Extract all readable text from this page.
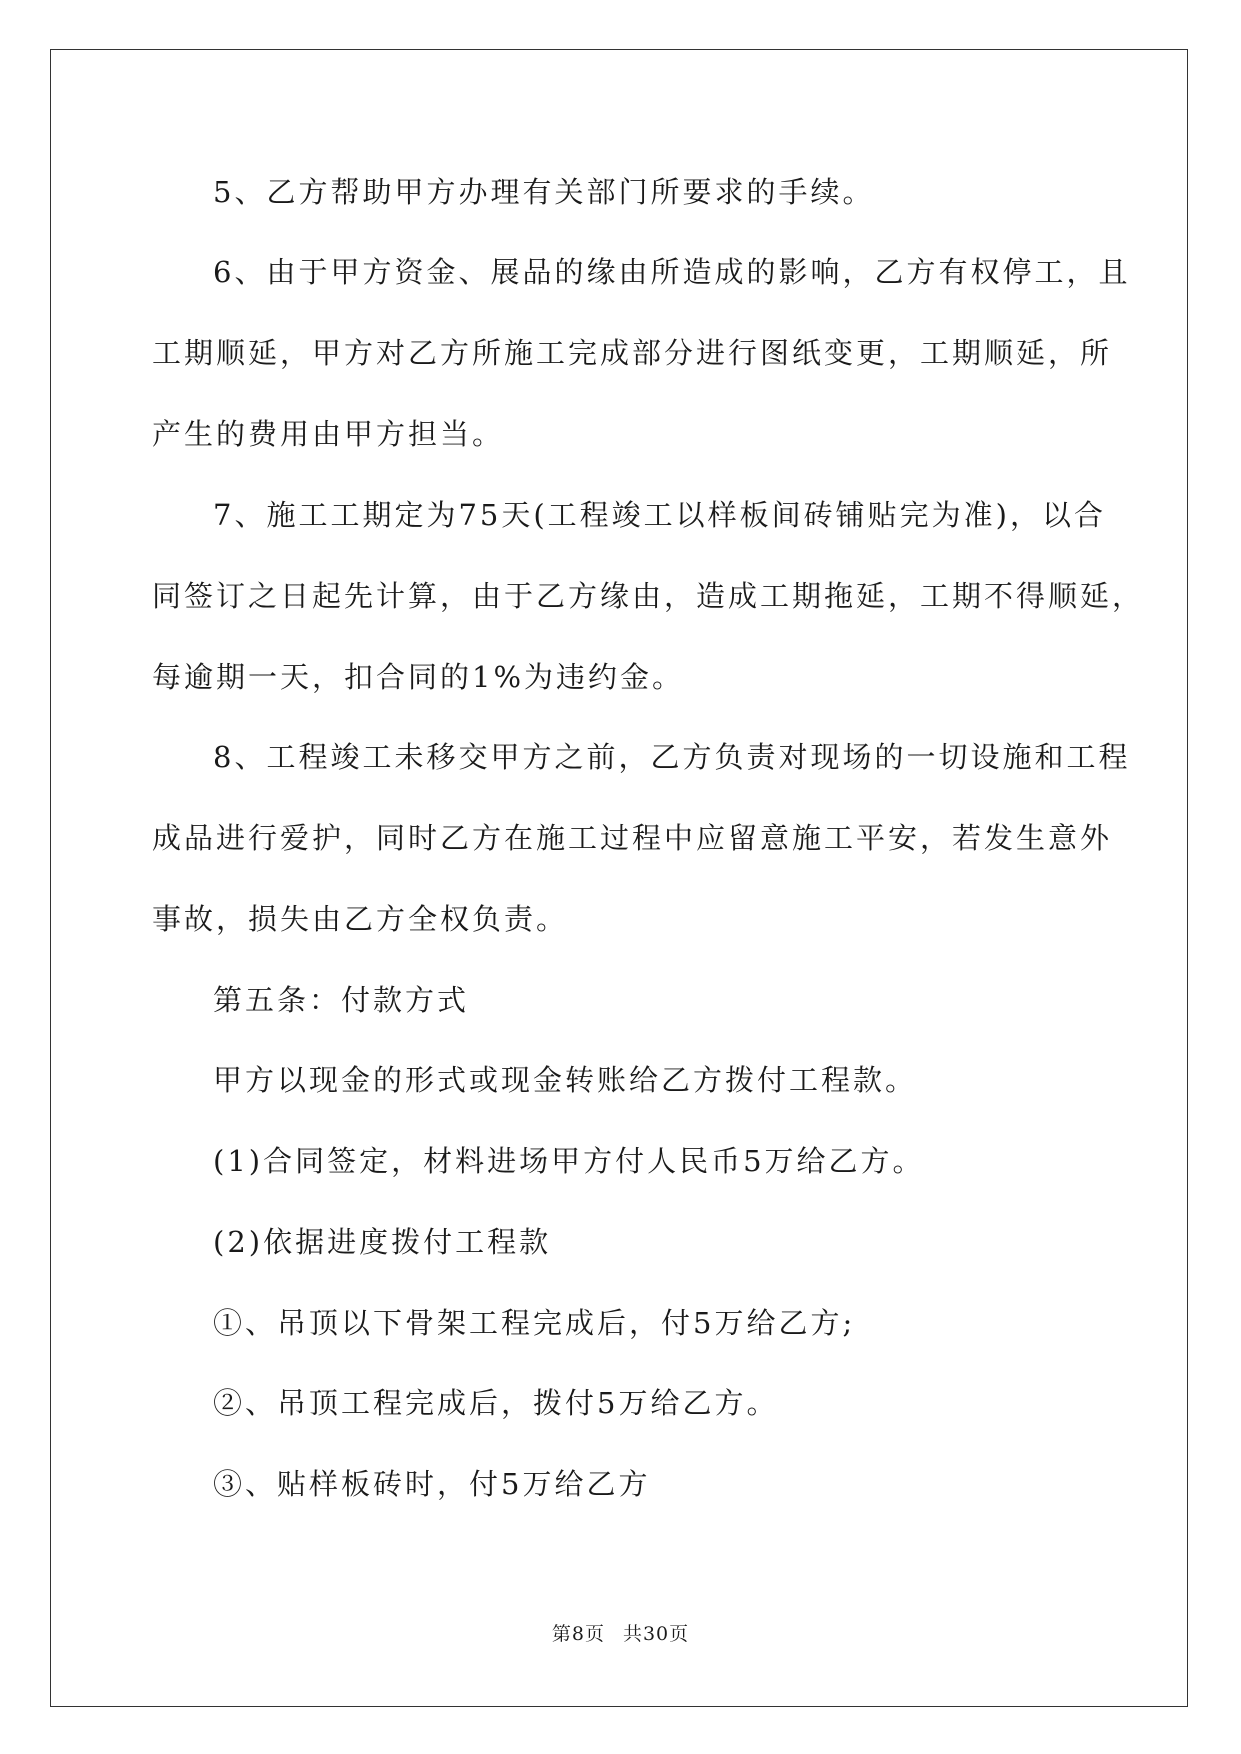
5、乙方帮助甲方办理有关部门所要求的手续。
6、由于甲方资金、展品的缘由所造成的影响，乙方有权停工，且
工期顺延，甲方对乙方所施工完成部分进行图纸变更，工期顺延，所
产生的费用由甲方担当。
7、施工工期定为75天(工程竣工以样板间砖铺贴完为准)，以合
同签订之日起先计算，由于乙方缘由，造成工期拖延，工期不得顺延，
每逾期一天，扣合同的1%为违约金。
8、工程竣工未移交甲方之前，乙方负责对现场的一切设施和工程
成品进行爱护，同时乙方在施工过程中应留意施工平安，若发生意外
事故，损失由乙方全权负责。
第五条：付款方式
甲方以现金的形式或现金转账给乙方拨付工程款。
(1)合同签定，材料进场甲方付人民币5万给乙方。
(2)依据进度拨付工程款
①、吊顶以下骨架工程完成后，付5万给乙方;
②、吊顶工程完成后，拨付5万给乙方。
③、贴样板砖时，付5万给乙方
第8页 共30页
